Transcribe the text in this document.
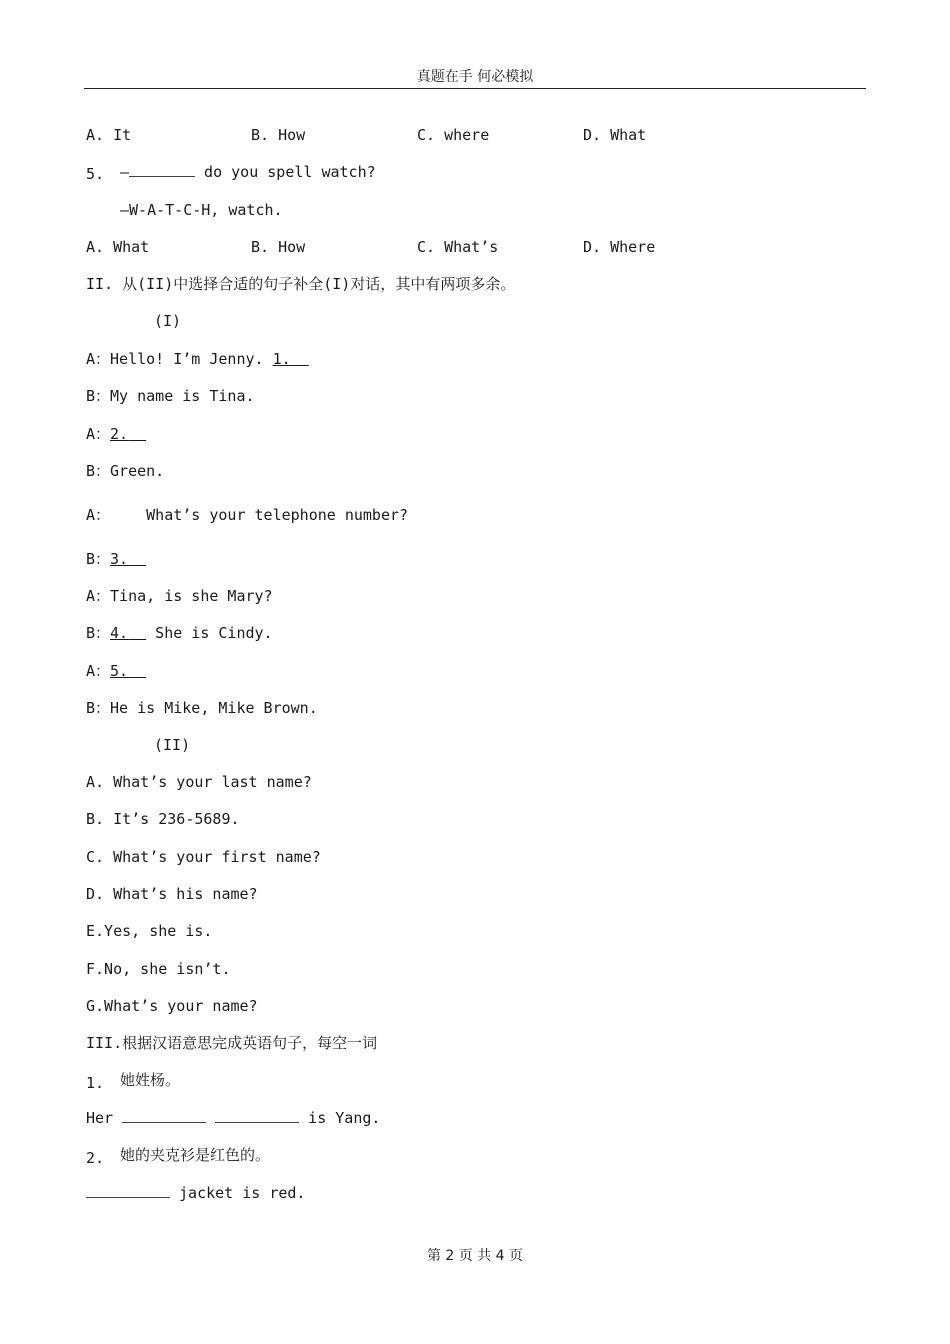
真题在手 何必模拟
A. It	B. How	C. where	D. What
5. —	do you spell watch?
—W-A-T-C-H, watch.
A. What	B. How	C. What’s	D. Where
II. 从(II)中选择合适的句子补全(I)对话，其中有两项多余。
(I)
A：Hello! I’m Jenny. 1.
B：My name is Tina.
A：2.
B：Green.
A：    What’s your telephone number?
B：3.
A：Tina, is she Mary?
B：4.   She is Cindy.
A：5.
B：He is Mike, Mike Brown.
(II)
A. What’s your last name?
B. It’s 236-5689.
C. What’s your first name?
D. What’s his name?
E.Yes, she is.
F.No, she isn’t.
G.What’s your name?
III.根据汉语意思完成英语句子，每空一词
1. 她姓杨。
Her	is Yang.
2. 她的夹克衫是红色的。
jacket is red.
第 2 页 共 4 页
